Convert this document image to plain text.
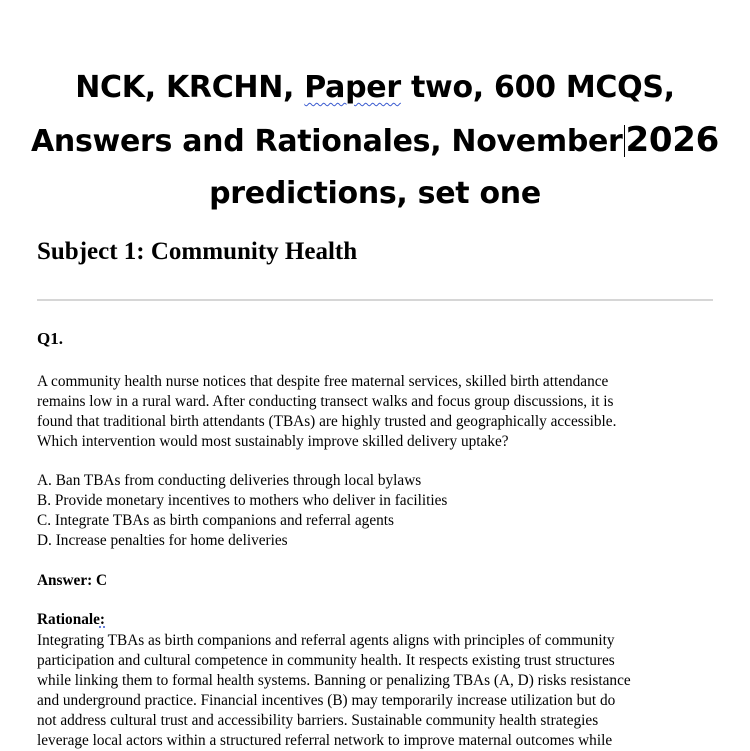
NCK, KRCHN, Paper two, 600 MCQS,
Answers and Rationales, November2026
predictions, set one
Subject 1: Community Health
Q1.
A community health nurse notices that despite free maternal services, skilled birth attendance
remains low in a rural ward. After conducting transect walks and focus group discussions, it is
found that traditional birth attendants (TBAs) are highly trusted and geographically accessible.
Which intervention would most sustainably improve skilled delivery uptake?
A. Ban TBAs from conducting deliveries through local bylaws
B. Provide monetary incentives to mothers who deliver in facilities
C. Integrate TBAs as birth companions and referral agents
D. Increase penalties for home deliveries
Answer: C
Rationale:
Integrating TBAs as birth companions and referral agents aligns with principles of community
participation and cultural competence in community health. It respects existing trust structures
while linking them to formal health systems. Banning or penalizing TBAs (A, D) risks resistance
and underground practice. Financial incentives (B) may temporarily increase utilization but do
not address cultural trust and accessibility barriers. Sustainable community health strategies
leverage local actors within a structured referral network to improve maternal outcomes while
